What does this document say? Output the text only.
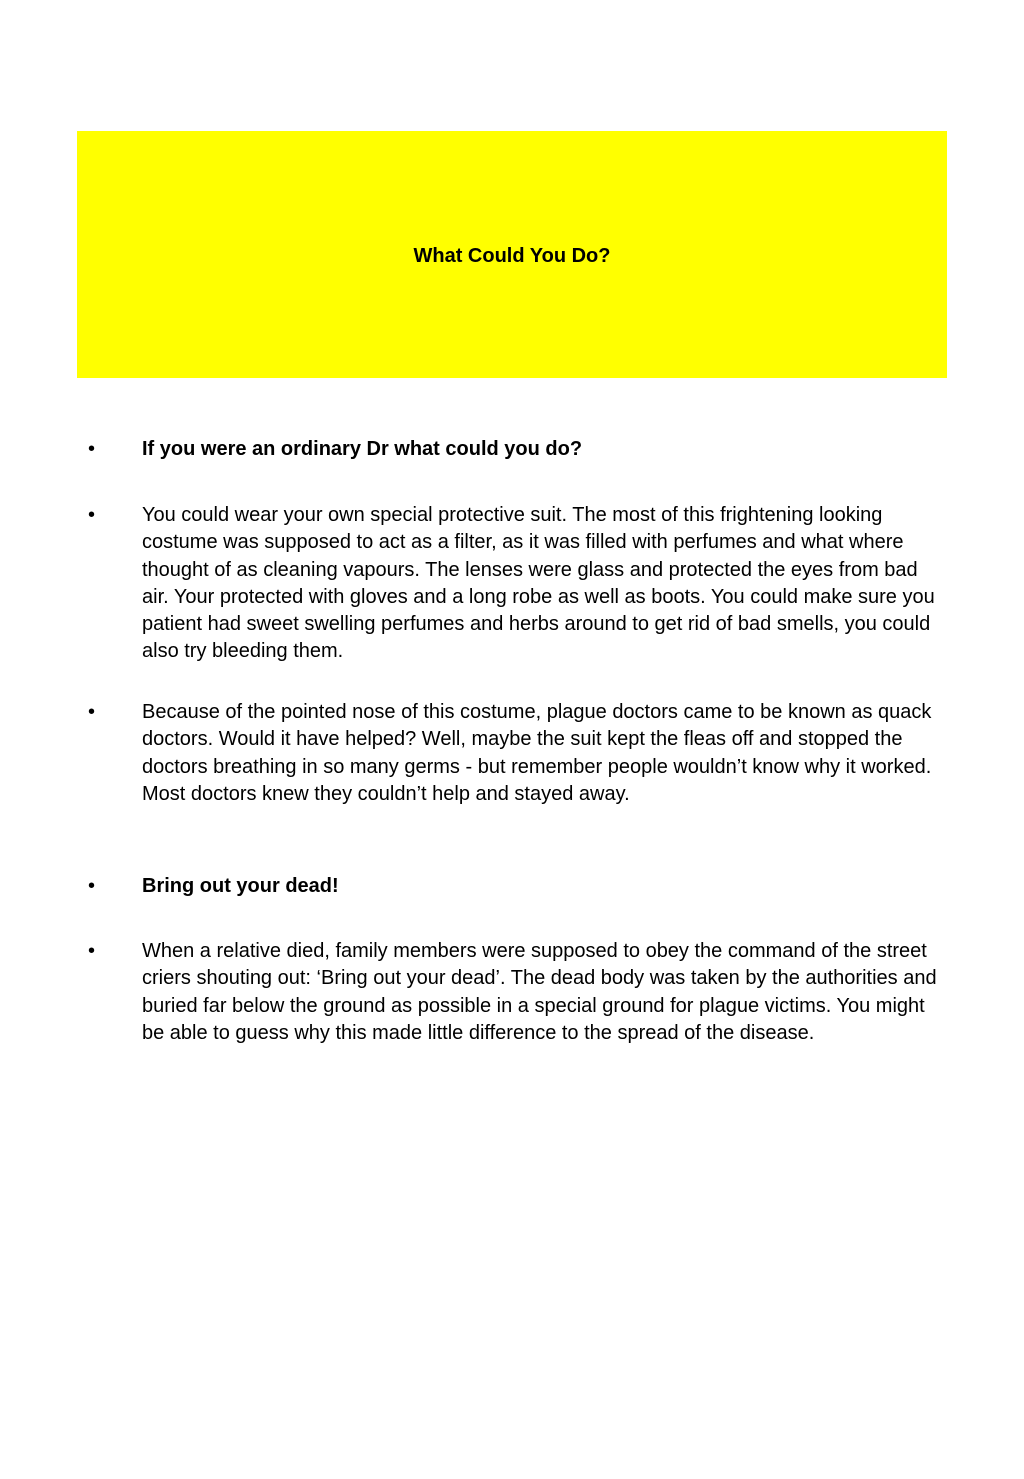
What Could You Do?

•	If you were an ordinary Dr what could you do?
•	You could wear your own special protective suit. The most of this frightening looking costume was supposed to act as a filter, as it was filled with perfumes and what where thought of as cleaning vapours. The lenses were glass and protected the eyes from bad air. Your protected with gloves and a long robe as well as boots. You could make sure you patient had sweet swelling perfumes and herbs around to get rid of bad smells, you could also try bleeding them.
•	Because of the pointed nose of this costume, plague doctors came to be known as quack doctors. Would it have helped? Well, maybe the suit kept the fleas off and stopped the doctors breathing in so many germs - but remember people wouldn’t know why it worked. Most doctors knew they couldn’t help and stayed away.
•	Bring out your dead!
•	When a relative died, family members were supposed to obey the command of the street criers shouting out: ‘Bring out your dead’. The dead body was taken by the authorities and buried far below the ground as possible in a special ground for plague victims. You might be able to guess why this made little difference to the spread of the disease.
